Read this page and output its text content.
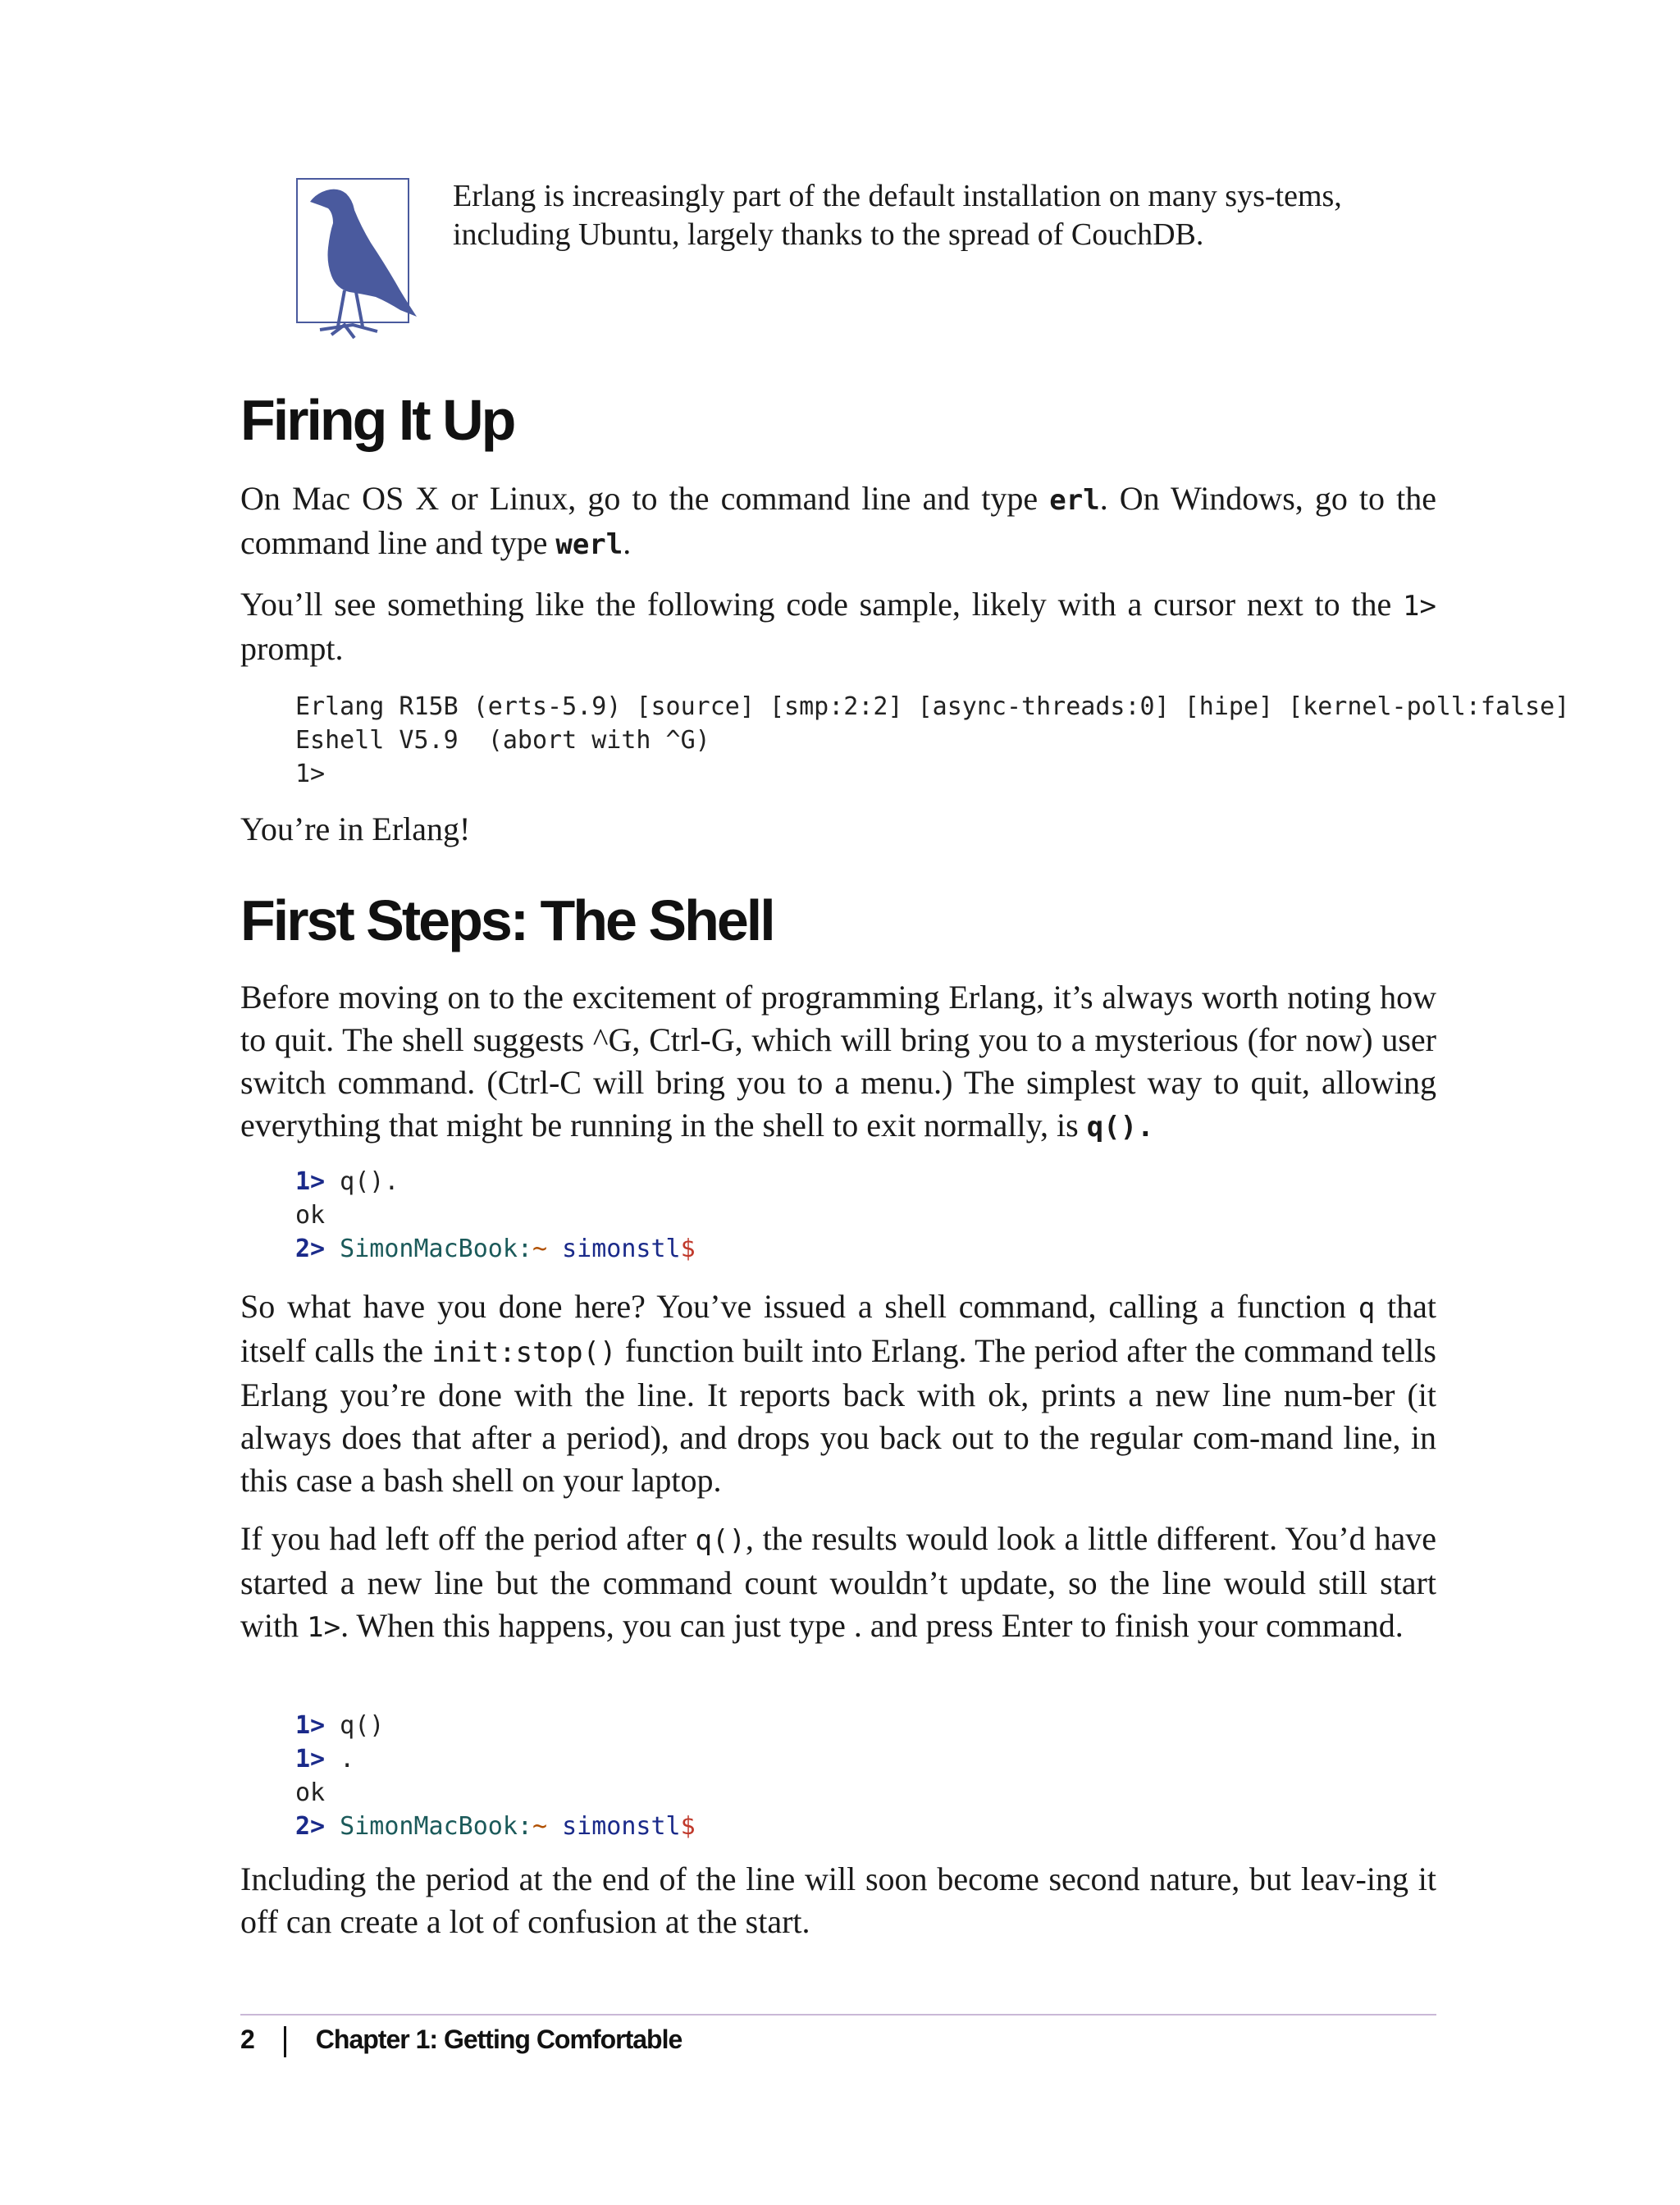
Erlang is increasingly part of the default installation on many sys-tems, including Ubuntu, largely thanks to the spread of CouchDB.
Firing It Up

On Mac OS X or Linux, go to the command line and type erl. On Windows, go to the command line and type werl.

You’ll see something like the following code sample, likely with a cursor next to the 1> prompt.

Erlang R15B (erts-5.9) [source] [smp:2:2] [async-threads:0] [hipe] [kernel-poll:false]
Eshell V5.9  (abort with ^G)
1>

You’re in Erlang!

First Steps: The Shell

Before moving on to the excitement of programming Erlang, it’s always worth noting how to quit. The shell suggests ^G, Ctrl-G, which will bring you to a mysterious (for now) user switch command. (Ctrl-C will bring you to a menu.) The simplest way to quit, allowing everything that might be running in the shell to exit normally, is q().

1> q().
ok
2> SimonMacBook:~ simonstl$

So what have you done here? You’ve issued a shell command, calling a function q that itself calls the init:stop() function built into Erlang. The period after the command tells Erlang you’re done with the line. It reports back with ok, prints a new line num-ber (it always does that after a period), and drops you back out to the regular com-mand line, in this case a bash shell on your laptop.

If you had left off the period after q(), the results would look a little different. You’d have started a new line but the command count wouldn’t update, so the line would still start with 1>. When this happens, you can just type . and press Enter to finish your command.

1> q()
1> .
ok
2> SimonMacBook:~ simonstl$

Including the period at the end of the line will soon become second nature, but leav-ing it off can create a lot of confusion at the start.

2 Chapter 1: Getting Comfortable
